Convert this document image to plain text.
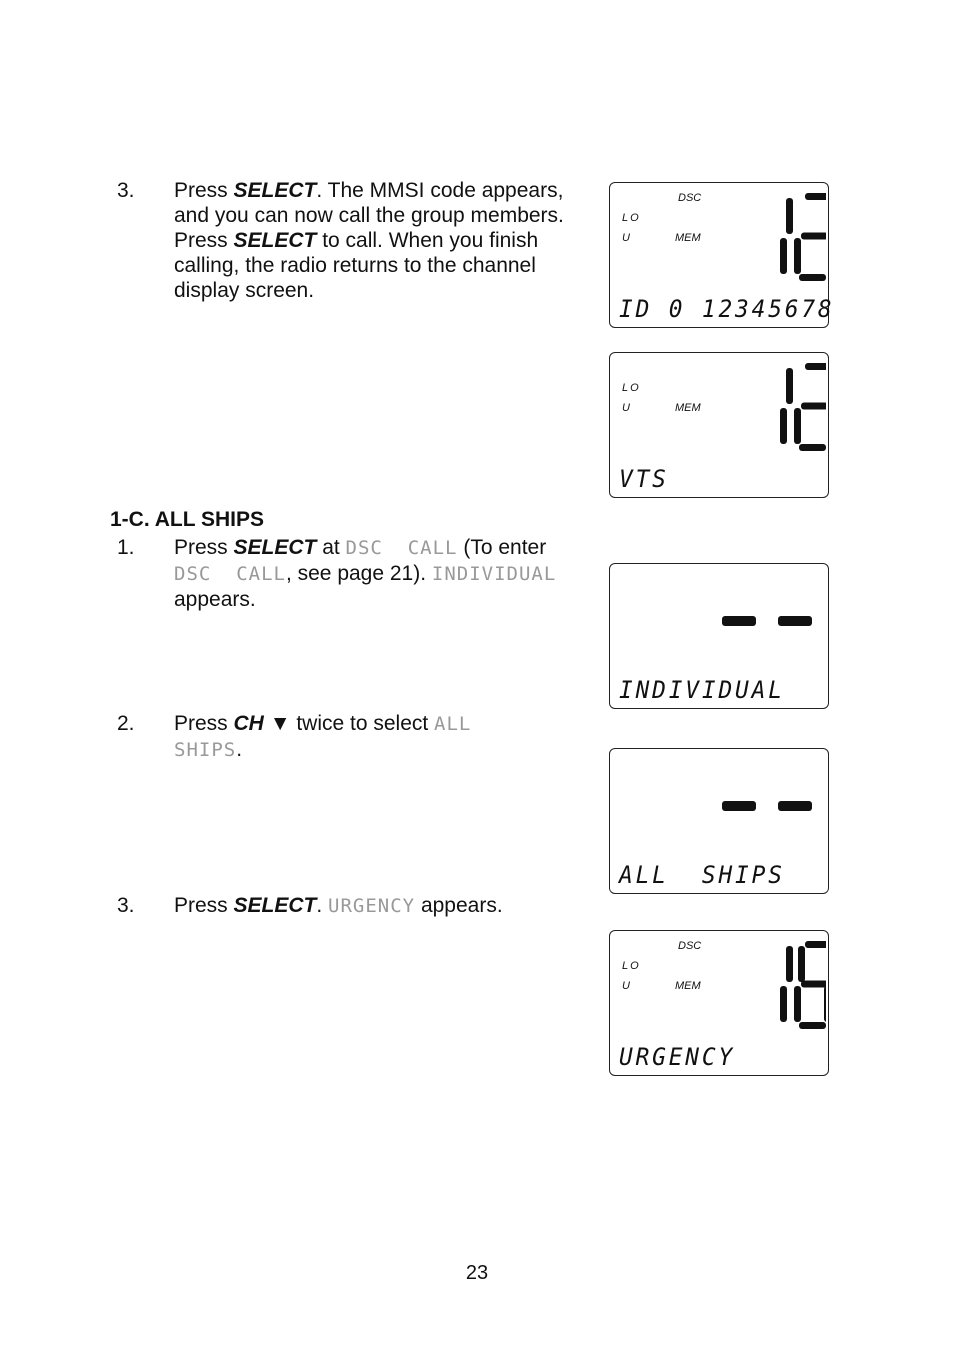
3. Press SELECT. The MMSI code appears, and you can now call the group members. Press SELECT to call. When you finish calling, the radio returns to the channel display screen.
1-C. ALL SHIPS
1. Press SELECT at DSC  CALL (To enter DSC  CALL, see page 21). INDIVIDUAL appears.
2. Press CH ▼ twice to select ALL SHIPS.
3. Press SELECT. URGENCY appears.
DSC
LO
U	MEM
ID 0 12345678
LO
U	MEM
VTS
INDIVIDUAL
ALL  SHIPS
DSC
LO
U	MEM
URGENCY
23
